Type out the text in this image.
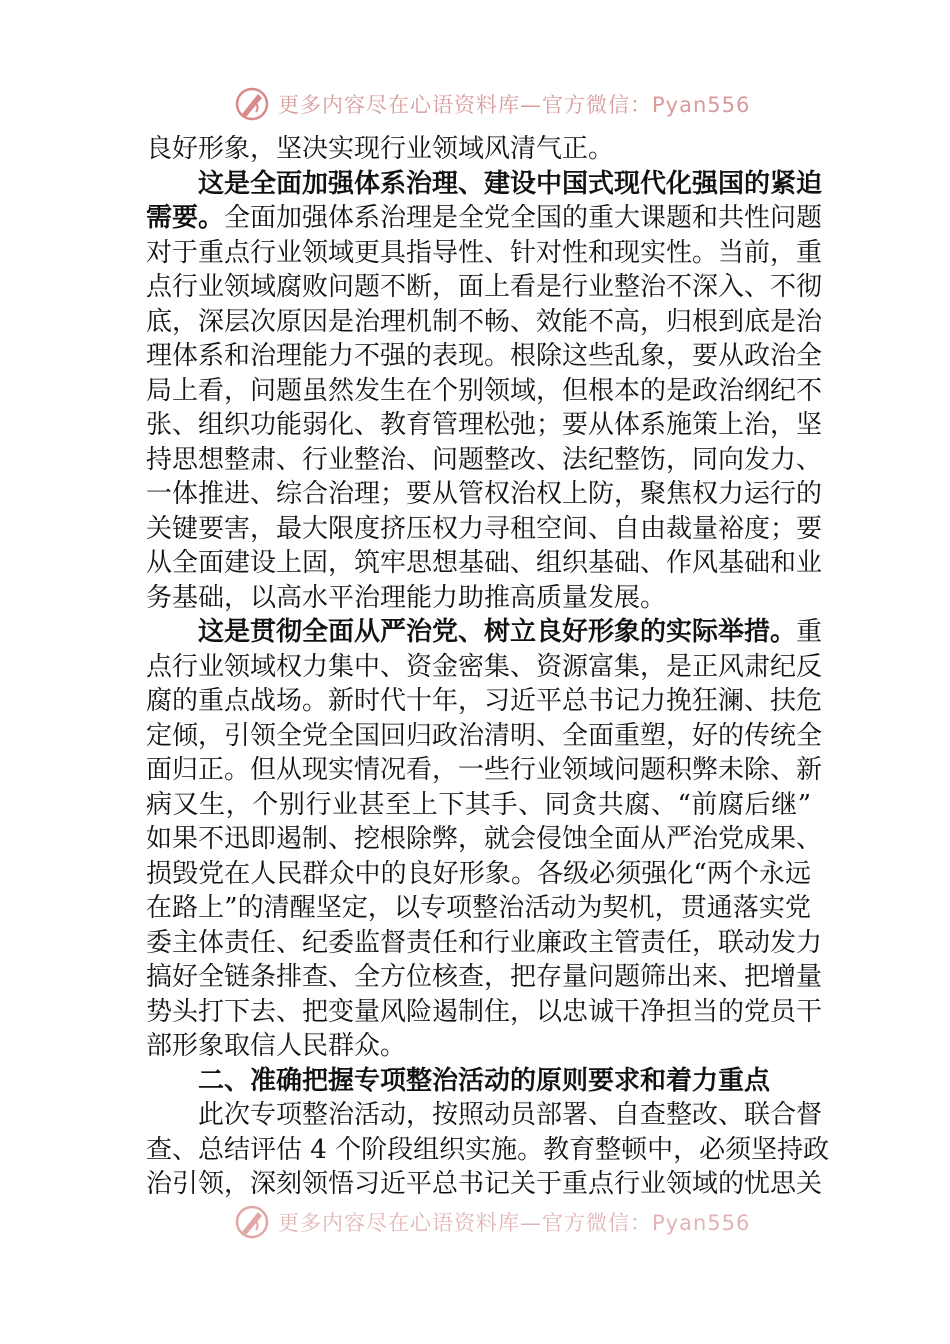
更多内容尽在心语资料库—官方微信：Pyan556
良好形象，坚决实现行业领域风清气正。
这是全面加强体系治理、建设中国式现代化强国的紧迫
需要。全面加强体系治理是全党全国的重大课题和共性问题
对于重点行业领域更具指导性、针对性和现实性。当前，重
点行业领域腐败问题不断，面上看是行业整治不深入、不彻
底，深层次原因是治理机制不畅、效能不高，归根到底是治
理体系和治理能力不强的表现。根除这些乱象，要从政治全
局上看，问题虽然发生在个别领域，但根本的是政治纲纪不
张、组织功能弱化、教育管理松弛；要从体系施策上治，坚
持思想整肃、行业整治、问题整改、法纪整饬，同向发力、
一体推进、综合治理；要从管权治权上防，聚焦权力运行的
关键要害，最大限度挤压权力寻租空间、自由裁量裕度；要
从全面建设上固，筑牢思想基础、组织基础、作风基础和业
务基础，以高水平治理能力助推高质量发展。
这是贯彻全面从严治党、树立良好形象的实际举措。重
点行业领域权力集中、资金密集、资源富集，是正风肃纪反
腐的重点战场。新时代十年，习近平总书记力挽狂澜、扶危
定倾，引领全党全国回归政治清明、全面重塑，好的传统全
面归正。但从现实情况看，一些行业领域问题积弊未除、新
病又生，个别行业甚至上下其手、同贪共腐、“前腐后继”
如果不迅即遏制、挖根除弊，就会侵蚀全面从严治党成果、
损毁党在人民群众中的良好形象。各级必须强化“两个永远
在路上”的清醒坚定，以专项整治活动为契机，贯通落实党
委主体责任、纪委监督责任和行业廉政主管责任，联动发力
搞好全链条排查、全方位核查，把存量问题筛出来、把增量
势头打下去、把变量风险遏制住，以忠诚干净担当的党员干
部形象取信人民群众。
二、准确把握专项整治活动的原则要求和着力重点
此次专项整治活动，按照动员部署、自查整改、联合督
查、总结评估 4 个阶段组织实施。教育整顿中，必须坚持政
治引领，深刻领悟习近平总书记关于重点行业领域的忧思关
更多内容尽在心语资料库—官方微信：Pyan556
